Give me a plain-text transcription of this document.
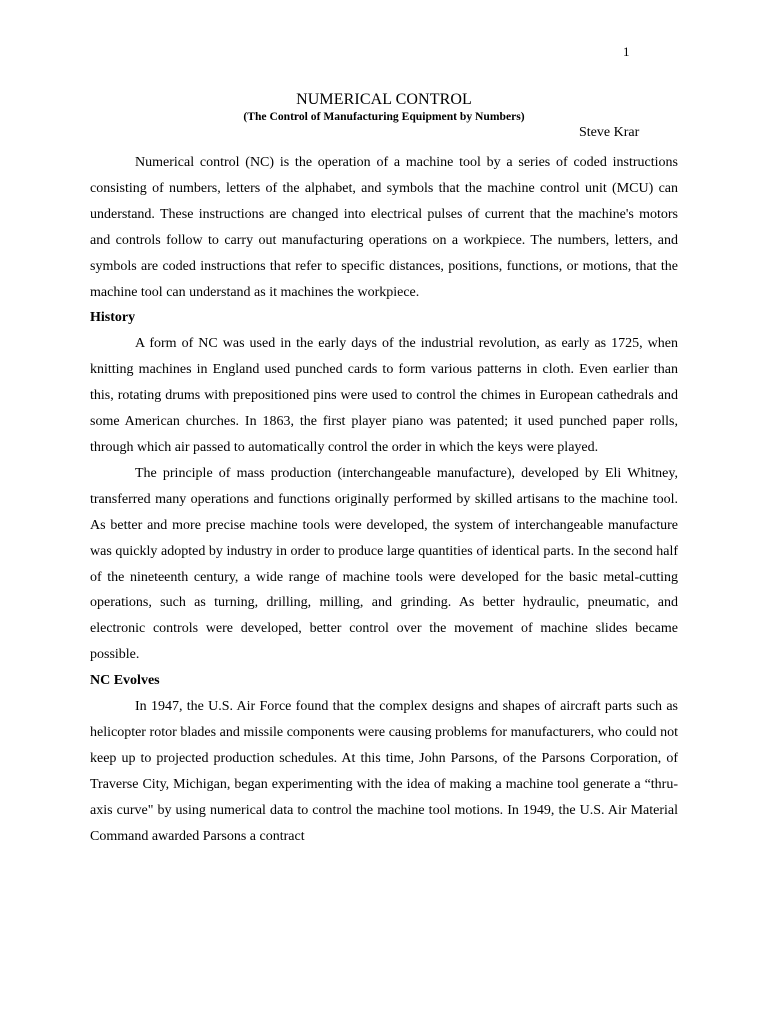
1
NUMERICAL CONTROL
(The Control of Manufacturing Equipment by Numbers)
Steve Krar

Numerical control (NC) is the operation of a machine tool by a series of coded instructions consisting of numbers, letters of the alphabet, and symbols that the machine control unit (MCU) can understand. These instructions are changed into electrical pulses of current that the machine's motors and controls follow to carry out manufacturing operations on a workpiece. The numbers, letters, and symbols are coded instructions that refer to specific distances, positions, functions, or motions, that the machine tool can understand as it machines the workpiece.

History

A form of NC was used in the early days of the industrial revolution, as early as 1725, when knitting machines in England used punched cards to form various patterns in cloth. Even earlier than this, rotating drums with prepositioned pins were used to control the chimes in European cathedrals and some American churches. In 1863, the first player piano was patented; it used punched paper rolls, through which air passed to automatically control the order in which the keys were played.

The principle of mass production (interchangeable manufacture), developed by Eli Whitney, transferred many operations and functions originally performed by skilled artisans to the machine tool. As better and more precise machine tools were developed, the system of interchangeable manufacture was quickly adopted by industry in order to produce large quantities of identical parts. In the second half of the nineteenth century, a wide range of machine tools were developed for the basic metal-cutting operations, such as turning, drilling, milling, and grinding. As better hydraulic, pneumatic, and electronic controls were developed, better control over the movement of machine slides became possible.

NC Evolves

In 1947, the U.S. Air Force found that the complex designs and shapes of aircraft parts such as helicopter rotor blades and missile components were causing problems for manufacturers, who could not keep up to projected production schedules. At this time, John Parsons, of the Parsons Corporation, of Traverse City, Michigan, began experimenting with the idea of making a machine tool generate a “thru-axis curve" by using numerical data to control the machine tool motions. In 1949, the U.S. Air Material Command awarded Parsons a contract
